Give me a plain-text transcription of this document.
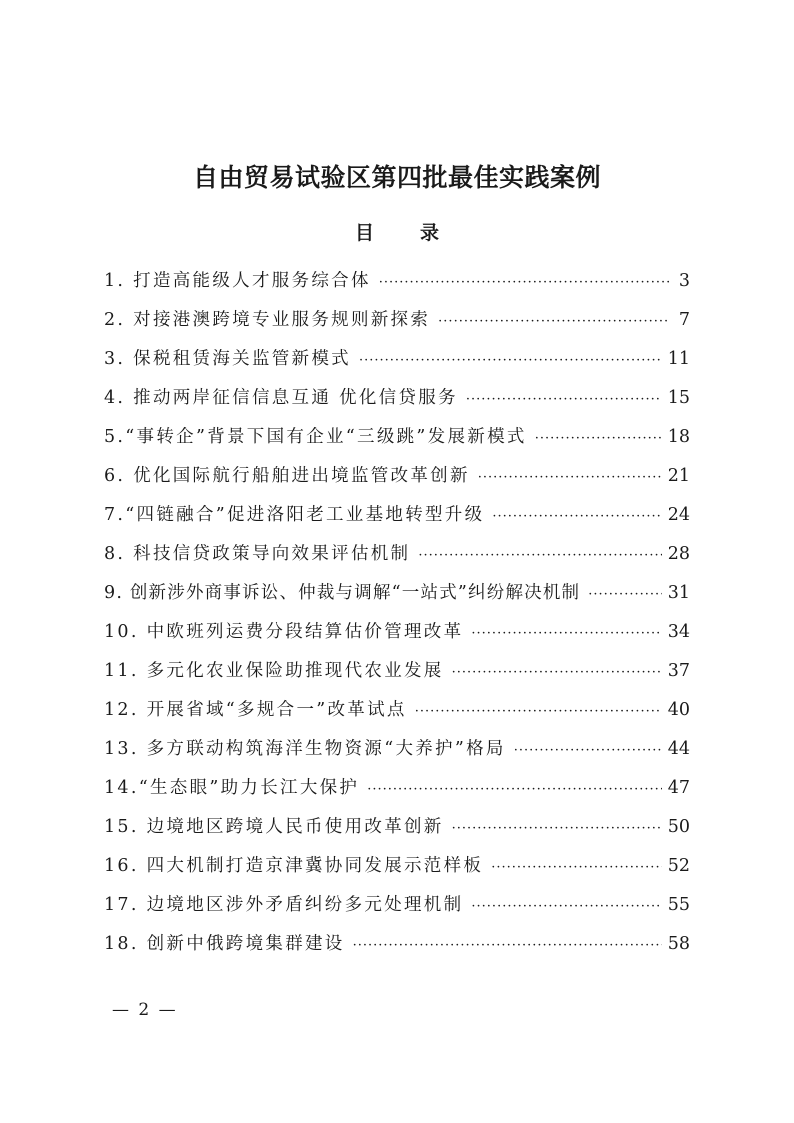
自由贸易试验区第四批最佳实践案例
目 录
1. 打造高能级人才服务综合体 ·····	3
2. 对接港澳跨境专业服务规则新探索 ·····	7
3. 保税租赁海关监管新模式 ·····	11
4. 推动两岸征信信息互通 优化信贷服务 ·····	15
5.“事转企”背景下国有企业“三级跳”发展新模式 ·····	18
6. 优化国际航行船舶进出境监管改革创新 ·····	21
7.“四链融合”促进洛阳老工业基地转型升级 ·····	24
8. 科技信贷政策导向效果评估机制 ·····	28
9. 创新涉外商事诉讼、仲裁与调解“一站式”纠纷解决机制 ·····	31
10. 中欧班列运费分段结算估价管理改革 ·····	34
11. 多元化农业保险助推现代农业发展 ·····	37
12. 开展省域“多规合一”改革试点 ·····	40
13. 多方联动构筑海洋生物资源“大养护”格局 ·····	44
14.“生态眼”助力长江大保护 ·····	47
15. 边境地区跨境人民币使用改革创新 ·····	50
16. 四大机制打造京津冀协同发展示范样板 ·····	52
17. 边境地区涉外矛盾纠纷多元处理机制 ·····	55
18. 创新中俄跨境集群建设 ·····	58
— 2 —
